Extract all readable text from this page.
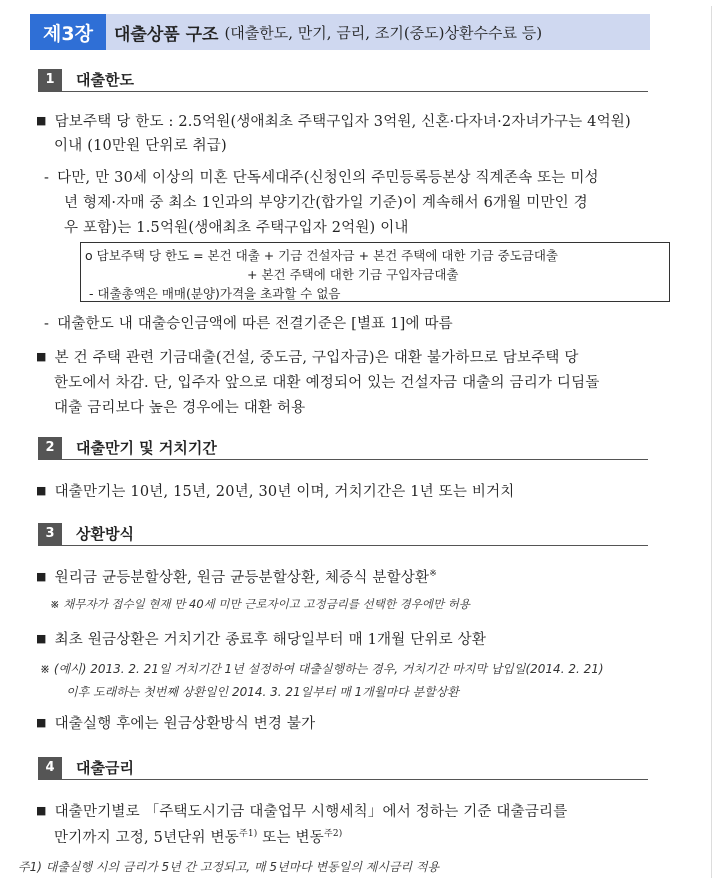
제3장	대출상품 구조 (대출한도, 만기, 금리, 조기(중도)상환수수료 등)
1	대출한도
■ 담보주택 당 한도 : 2.5억원(생애최초 주택구입자 3억원, 신혼·다자녀·2자녀가구는 4억원)
이내 (10만원 단위로 취급)
- 다만, 만 30세 이상의 미혼 단독세대주(신청인의 주민등록등본상 직계존속 또는 미성
년 형제·자매 중 최소 1인과의 부양기간(합가일 기준)이 계속해서 6개월 미만인 경
우 포함)는 1.5억원(생애최초 주택구입자 2억원) 이내
o 담보주택 당 한도 = 본건 대출 + 기금 건설자금 + 본건 주택에 대한 기금 중도금대출
+ 본건 주택에 대한 기금 구입자금대출
- 대출총액은 매매(분양)가격을 초과할 수 없음
- 대출한도 내 대출승인금액에 따른 전결기준은 [별표 1]에 따름
■ 본 건 주택 관련 기금대출(건설, 중도금, 구입자금)은 대환 불가하므로 담보주택 당
한도에서 차감. 단, 입주자 앞으로 대환 예정되어 있는 건설자금 대출의 금리가 디딤돌
대출 금리보다 높은 경우에는 대환 허용
2	대출만기 및 거치기간
■ 대출만기는 10년, 15년, 20년, 30년 이며, 거치기간은 1년 또는 비거치
3	상환방식
■ 원리금 균등분할상환, 원금 균등분할상환, 체증식 분할상환※
※ 채무자가 접수일 현재 만 40세 미만 근로자이고 고정금리를 선택한 경우에만 허용
■ 최초 원금상환은 거치기간 종료후 해당일부터 매 1개월 단위로 상환
※ (예시) 2013. 2. 21일 거치기간 1년 설정하여 대출실행하는 경우, 거치기간 마지막 납입일(2014. 2. 21)
이후 도래하는 첫번째 상환일인 2014. 3. 21일부터 매 1개월마다 분할상환
■ 대출실행 후에는 원금상환방식 변경 불가
4	대출금리
■ 대출만기별로 「주택도시기금 대출업무 시행세칙」에서 정하는 기준 대출금리를
만기까지 고정, 5년단위 변동$^{주1)}$ 또는 변동$^{주2)}$
주1) 대출실행 시의 금리가 5년 간 고정되고, 매 5년마다 변동일의 제시금리 적용
